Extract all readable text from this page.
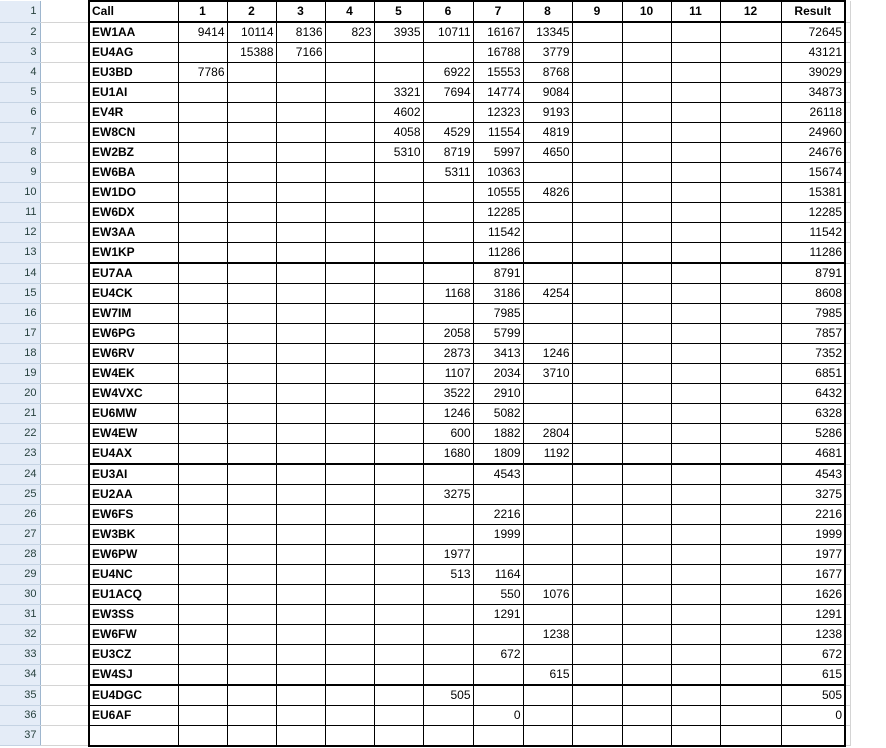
1		Call	1	2	3	4	5	6	7	8	9	10	11	12	Result	
2		EW1AA	9414	10114	8136	823	3935	10711	16167	13345					72645	
3		EU4AG		15388	7166				16788	3779					43121	
4		EU3BD	7786					6922	15553	8768					39029	
5		EU1AI					3321	7694	14774	9084					34873	
6		EV4R					4602		12323	9193					26118	
7		EW8CN					4058	4529	11554	4819					24960	
8		EW2BZ					5310	8719	5997	4650					24676	
9		EW6BA						5311	10363						15674	
10		EW1DO							10555	4826					15381	
11		EW6DX							12285						12285	
12		EW3AA							11542						11542	
13		EW1KP							11286						11286	
14		EU7AA							8791						8791	
15		EU4CK						1168	3186	4254					8608	
16		EW7IM							7985						7985	
17		EW6PG						2058	5799						7857	
18		EW6RV						2873	3413	1246					7352	
19		EW4EK						1107	2034	3710					6851	
20		EW4VXC						3522	2910						6432	
21		EU6MW						1246	5082						6328	
22		EW4EW						600	1882	2804					5286	
23		EU4AX						1680	1809	1192					4681	
24		EU3AI							4543						4543	
25		EU2AA						3275							3275	
26		EW6FS							2216						2216	
27		EW3BK							1999						1999	
28		EW6PW						1977							1977	
29		EU4NC						513	1164						1677	
30		EU1ACQ							550	1076					1626	
31		EW3SS							1291						1291	
32		EW6FW								1238					1238	
33		EU3CZ							672						672	
34		EW4SJ								615					615	
35		EU4DGC						505							505	
36		EU6AF							0						0	
37																
